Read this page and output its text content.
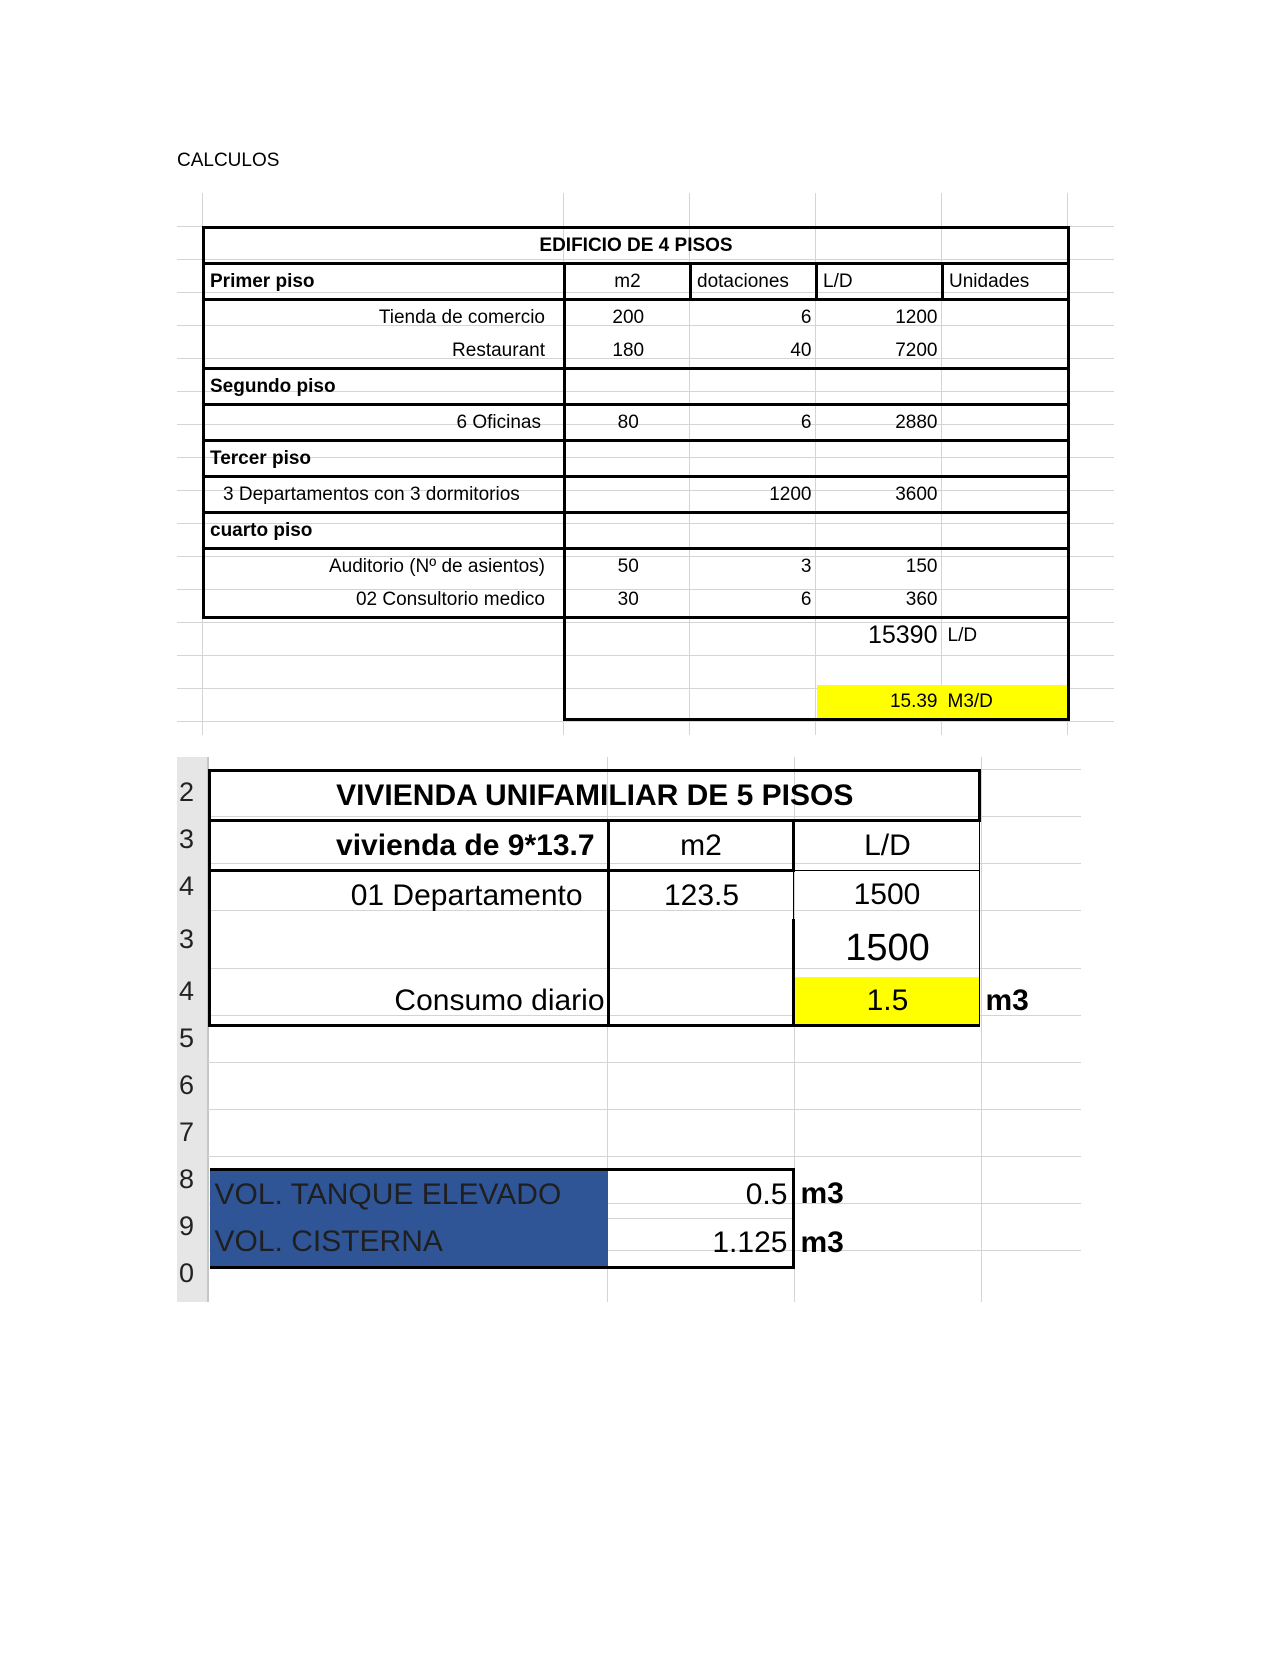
CALCULOS
EDIFICIO DE 4 PISOS				
Primer piso	m2	dotaciones	L/D	Unidades
Tienda de comercio	200	6	1200	
Restaurant	180	40	7200	
Segundo piso				
6 Oficinas	80	6	2880	
Tercer piso				
3 Departamentos con 3 dormitorios		1200	3600	
cuarto piso				
Auditorio (Nº de asientos)	50	3	150	
02 Consultorio medico	30	6	360	
			15390	L/D

			15.39	M3/D
2
3
4
3
4
5
6
7
8
9
0
VIVIENDA UNIFAMILIAR DE 5 PISOS			
vivienda de 9*13.7	m2	L/D	
01 Departamento	123.5	1500	
		1500	
Consumo diario		1.5	m3

VOL. TANQUE ELEVADO	0.5	m3	
VOL. CISTERNA	1.125	m3	
